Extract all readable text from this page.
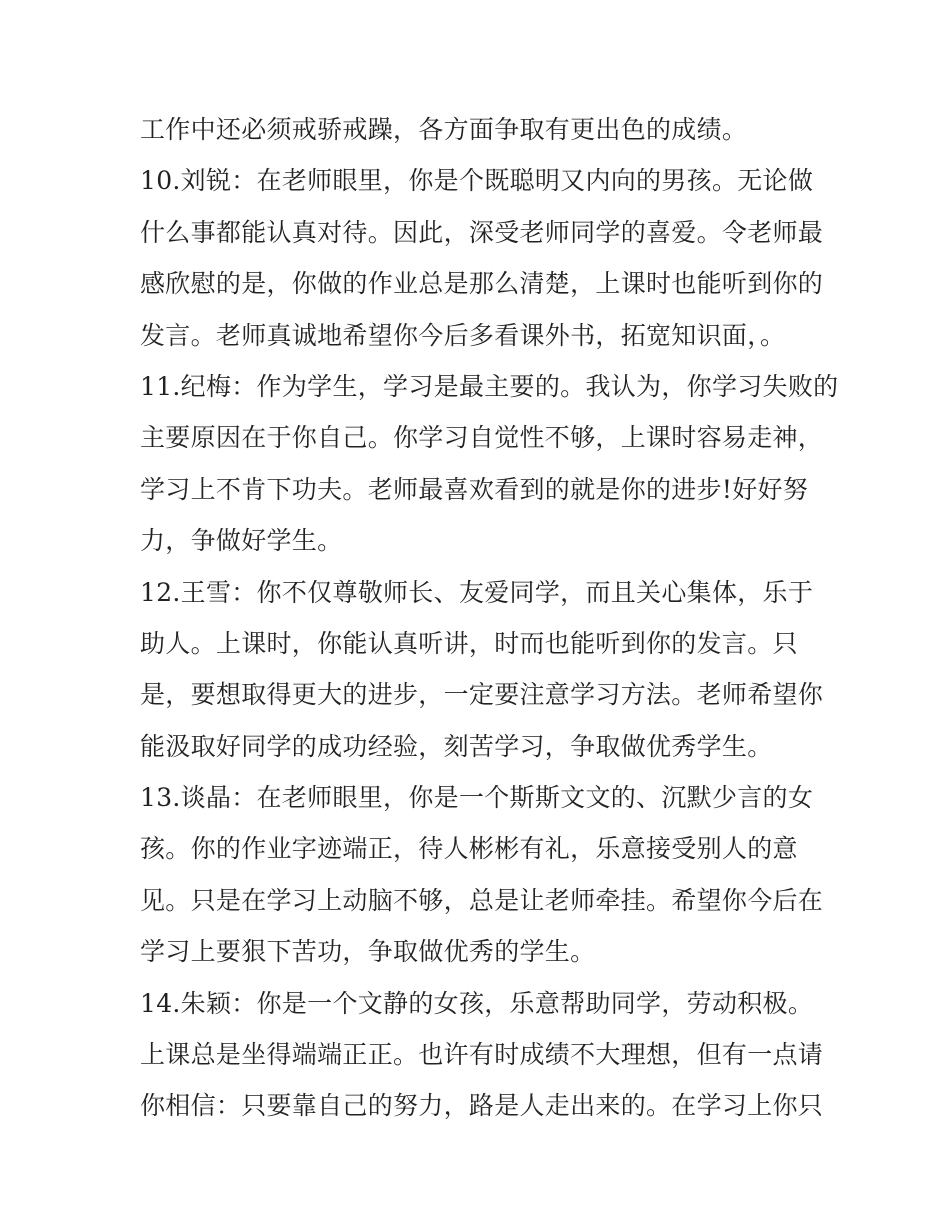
工作中还必须戒骄戒躁，各方面争取有更出色的成绩。
10.刘锐：在老师眼里，你是个既聪明又内向的男孩。无论做
什么事都能认真对待。因此，深受老师同学的喜爱。令老师最
感欣慰的是，你做的作业总是那么清楚，上课时也能听到你的
发言。老师真诚地希望你今后多看课外书，拓宽知识面，。
11.纪梅：作为学生，学习是最主要的。我认为，你学习失败的
主要原因在于你自己。你学习自觉性不够，上课时容易走神，
学习上不肯下功夫。老师最喜欢看到的就是你的进步!好好努
力，争做好学生。
12.王雪：你不仅尊敬师长、友爱同学，而且关心集体，乐于
助人。上课时，你能认真听讲，时而也能听到你的发言。只
是，要想取得更大的进步，一定要注意学习方法。老师希望你
能汲取好同学的成功经验，刻苦学习，争取做优秀学生。
13.谈晶：在老师眼里，你是一个斯斯文文的、沉默少言的女
孩。你的作业字迹端正，待人彬彬有礼，乐意接受别人的意
见。只是在学习上动脑不够，总是让老师牵挂。希望你今后在
学习上要狠下苦功，争取做优秀的学生。
14.朱颖：你是一个文静的女孩，乐意帮助同学，劳动积极。
上课总是坐得端端正正。也许有时成绩不大理想，但有一点请
你相信：只要靠自己的努力，路是人走出来的。在学习上你只
